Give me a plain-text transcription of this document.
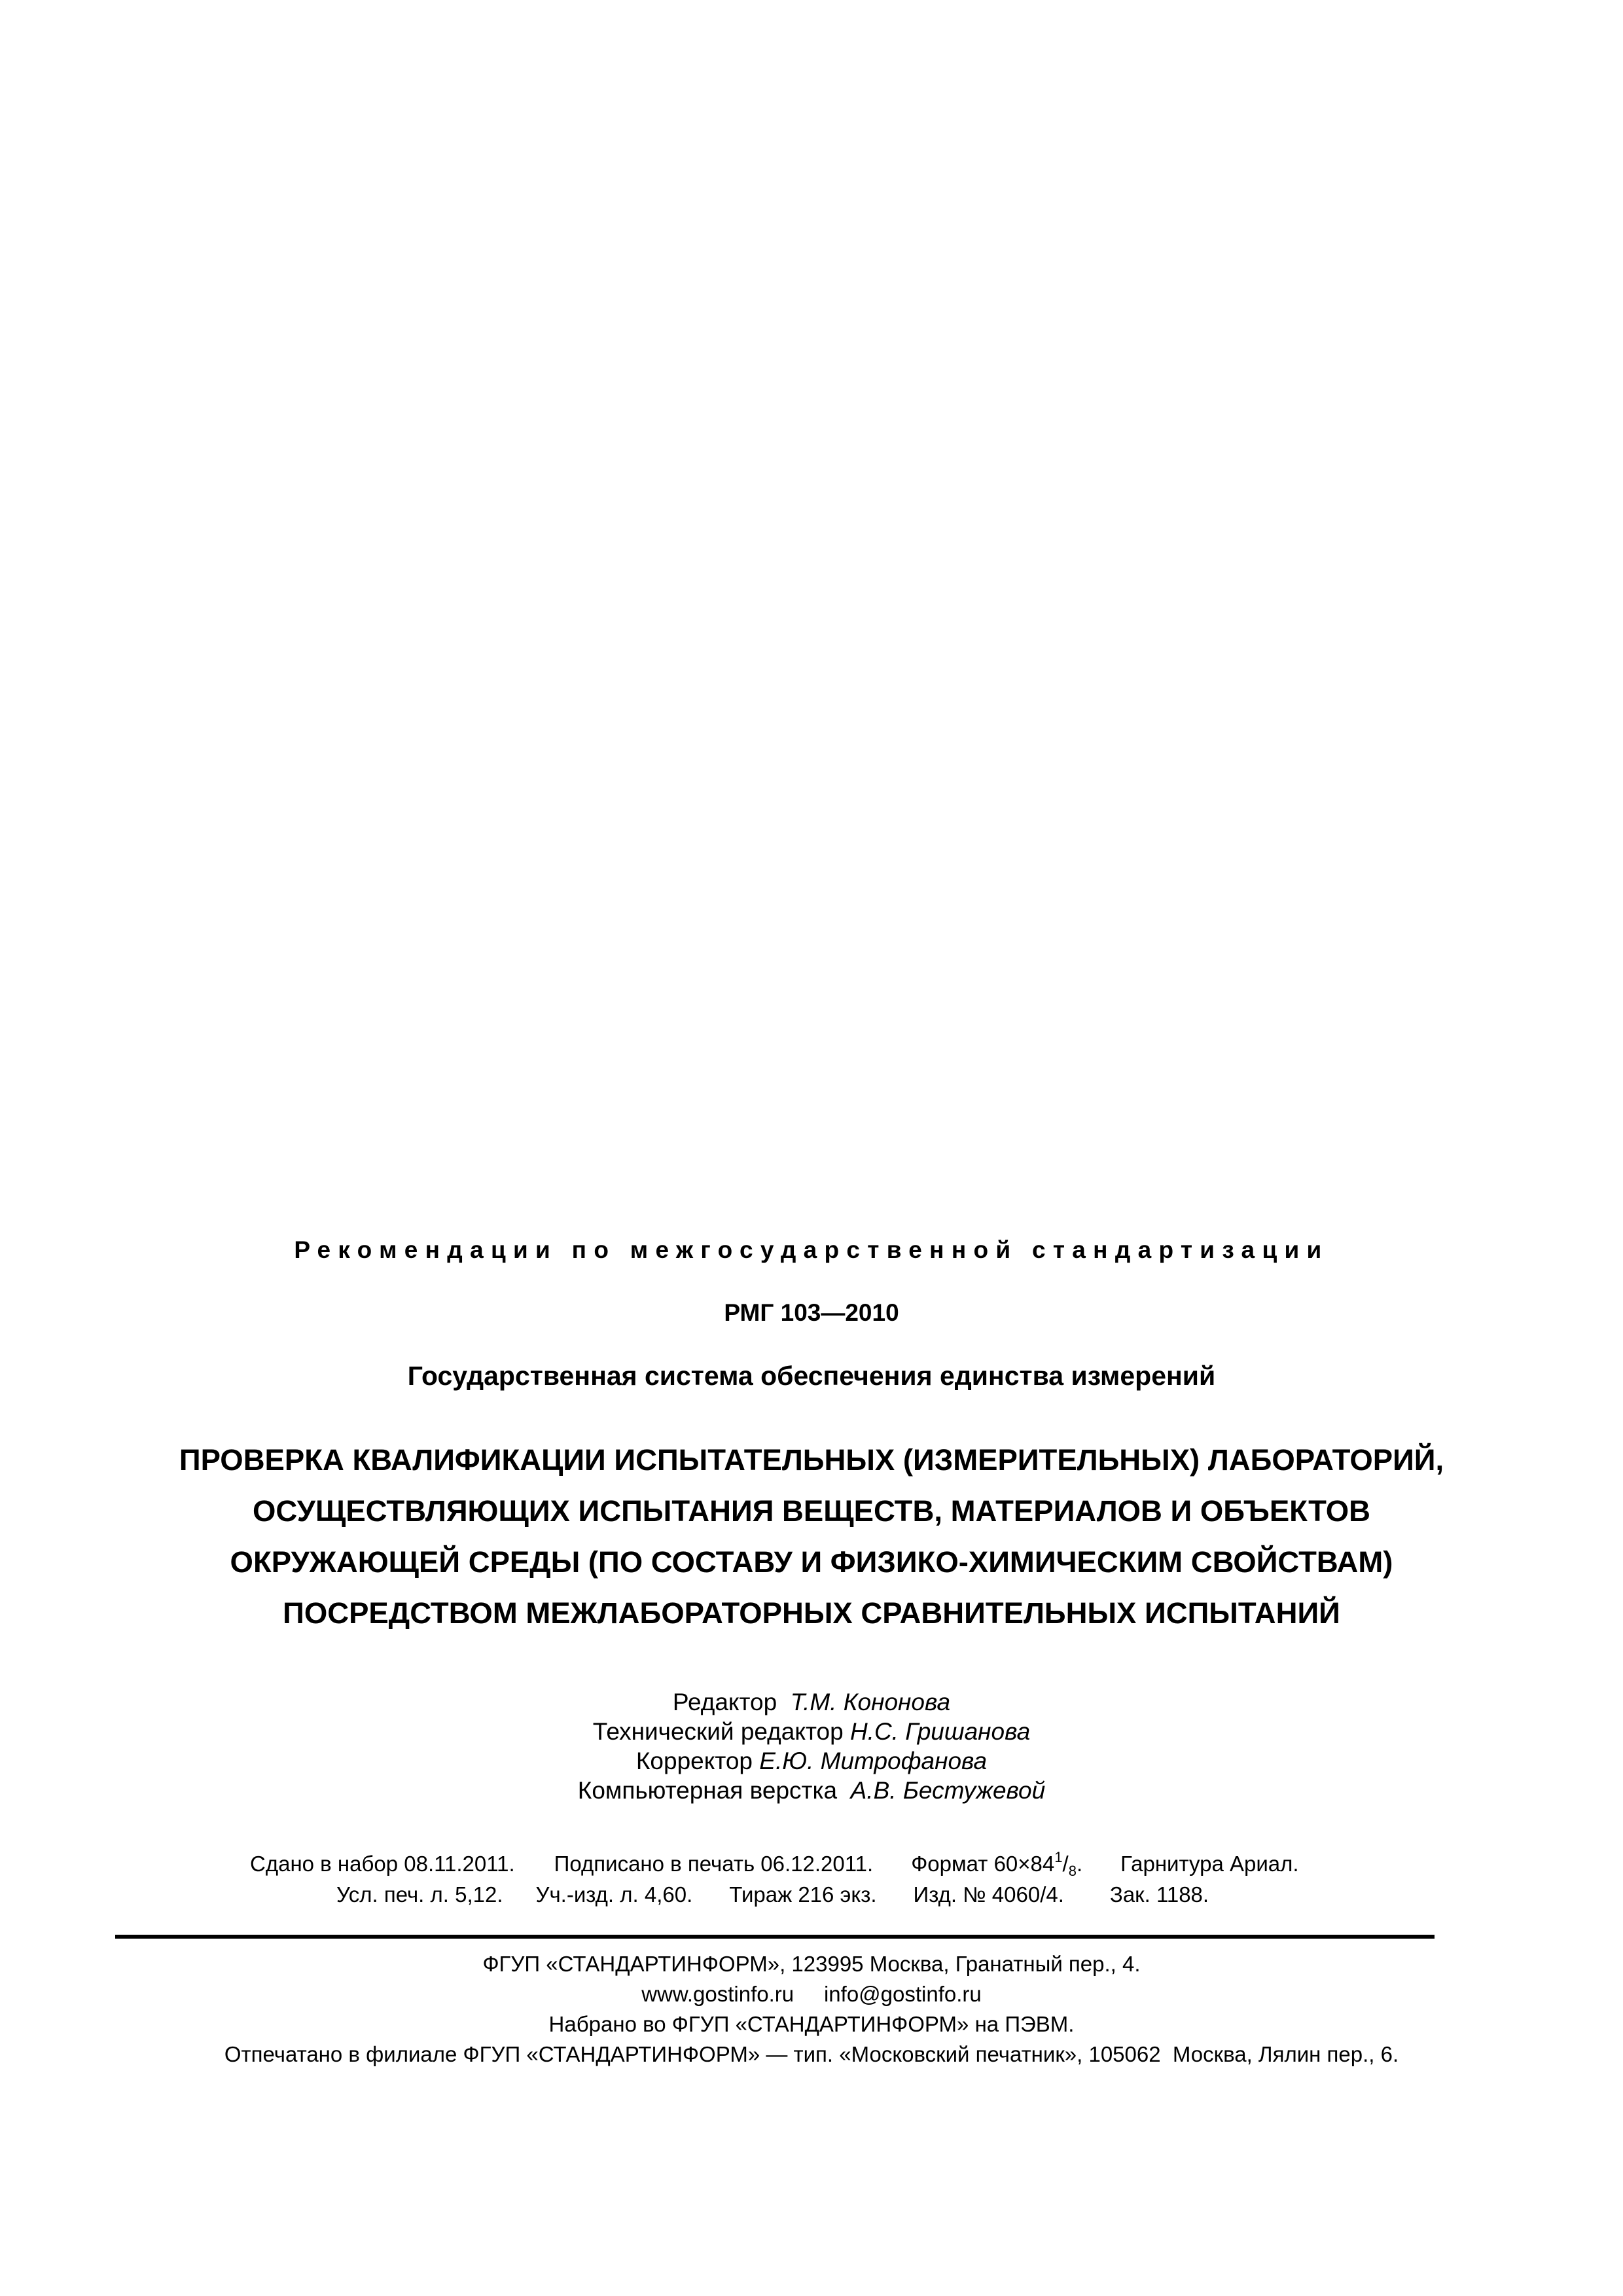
Рекомендации по межгосударственной стандартизации
РМГ 103—2010
Государственная система обеспечения единства измерений
ПРОВЕРКА КВАЛИФИКАЦИИ ИСПЫТАТЕЛЬНЫХ (ИЗМЕРИТЕЛЬНЫХ) ЛАБОРАТОРИЙ,
ОСУЩЕСТВЛЯЮЩИХ ИСПЫТАНИЯ ВЕЩЕСТВ, МАТЕРИАЛОВ И ОБЪЕКТОВ
ОКРУЖАЮЩЕЙ СРЕДЫ (ПО СОСТАВУ И ФИЗИКО-ХИМИЧЕСКИМ СВОЙСТВАМ)
ПОСРЕДСТВОМ МЕЖЛАБОРАТОРНЫХ СРАВНИТЕЛЬНЫХ ИСПЫТАНИЙ
Редактор Т.М. Кононова
Технический редактор Н.С. Гришанова
Корректор Е.Ю. Митрофанова
Компьютерная верстка А.В. Бестужевой
Сдано в набор 08.11.2011. Подписано в печать 06.12.2011. Формат $60\times 84^1/_8$. Гарнитура Ариал.
Усл. печ. л. 5,12. Уч.-изд. л. 4,60. Тираж 216 экз. Изд. № 4060/4. Зак. 1188.
ФГУП «СТАНДАРТИНФОРМ», 123995 Москва, Гранатный пер., 4.
www.gostinfo.ru     info@gostinfo.ru
Набрано во ФГУП «СТАНДАРТИНФОРМ» на ПЭВМ.
Отпечатано в филиале ФГУП «СТАНДАРТИНФОРМ» — тип. «Московский печатник», 105062  Москва, Лялин пер., 6.
